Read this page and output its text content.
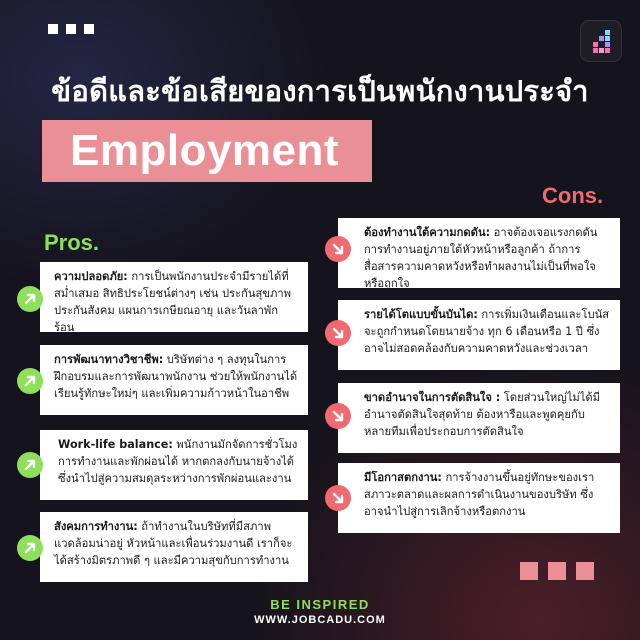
ข้อดีและข้อเสียของการเป็นพนักงานประจำ
Employment
Pros.
Cons.
ความปลอดภัย: การเป็นพนักงานประจำมีรายได้ที่สม่ำเสมอ สิทธิประโยชน์ต่างๆ เช่น ประกันสุขภาพ ประกันสังคม แผนการเกษียณอายุ และวันลาพักร้อน
การพัฒนาทางวิชาชีพ: บริษัทต่าง ๆ ลงทุนในการฝึกอบรมและการพัฒนาพนักงาน ช่วยให้พนักงานได้เรียนรู้ทักษะใหม่ๆ และเพิ่มความก้าวหน้าในอาชีพ
Work-life balance: พนักงานมักจัดการชั่วโมงการทำงานและพักผ่อนได้ หากตกลงกับนายจ้างได้ ซึ่งนำไปสู่ความสมดุลระหว่างการพักผ่อนและงาน
สังคมการทำงาน: ถ้าทำงานในบริษัทที่มีสภาพแวดล้อมน่าอยู่ หัวหน้าและเพื่อนร่วมงานดี เราก็จะได้สร้างมิตรภาพดี ๆ และมีความสุขกับการทำงาน
ต้องทำงานใต้ความกดดัน: อาจต้องเจอแรงกดดันการทำงานอยู่ภายใต้หัวหน้าหรือลูกค้า ถ้าการสื่อสารความคาดหวังหรือทำผลงานไม่เป็นที่พอใจ หรือถูกใจ
รายได้โตแบบขั้นบันได: การเพิ่มเงินเดือนและโบนัสจะถูกกำหนดโดยนายจ้าง ทุก 6 เดือนหรือ 1 ปี ซึ่งอาจไม่สอดคล้องกับความคาดหวังและช่วงเวลา
ขาดอำนาจในการตัดสินใจ : โดยส่วนใหญ่ไม่ได้มีอำนาจตัดสินใจสุดท้าย ต้องหารือและพูดคุยกับหลายทีมเพื่อประกอบการตัดสินใจ
มีโอกาสตกงาน: การจ้างงานขึ้นอยู่ทักษะของเราสภาวะตลาดและผลการดำเนินงานของบริษัท ซึ่งอาจนำไปสู่การเลิกจ้างหรือตกงาน
BE INSPIRED
WWW.JOBCADU.COM
